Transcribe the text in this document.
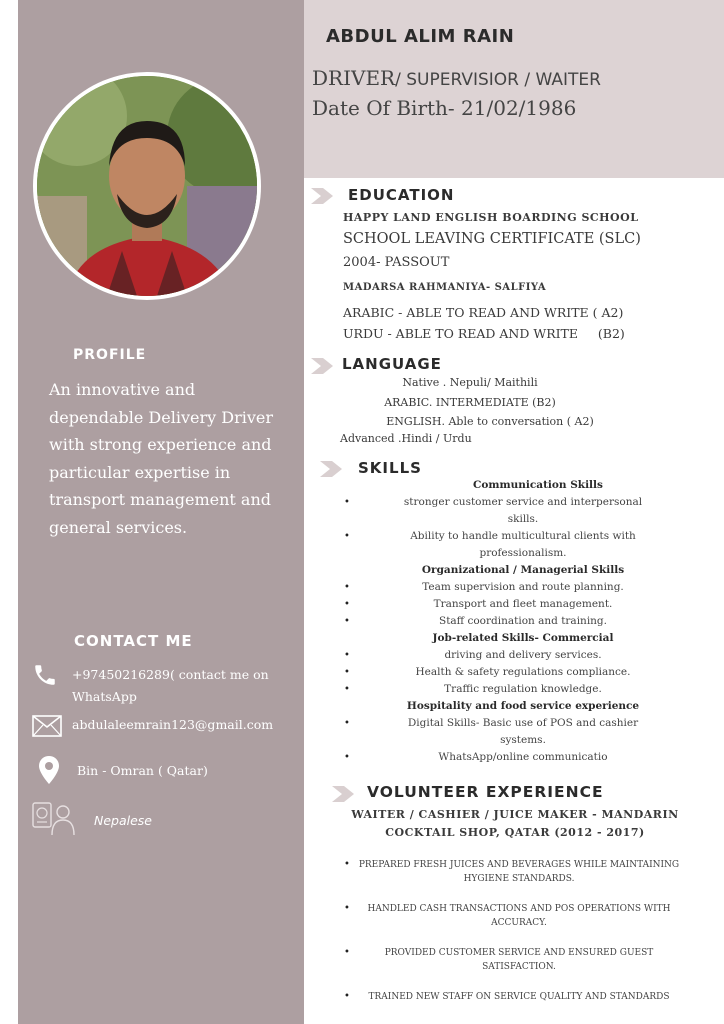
ABDUL ALIM RAIN
DRIVER/ SUPERVISIOR / WAITER
Date Of Birth- 21/02/1986
PROFILE
An innovative and dependable Delivery Driver with strong experience and particular expertise in transport management and general services.
CONTACT ME
+97450216289( contact me on
WhatsApp
abdulaleemrain123@gmail.com
Bin - Omran ( Qatar)
Nepalese
EDUCATION
HAPPY LAND ENGLISH BOARDING SCHOOL
SCHOOL LEAVING CERTIFICATE (SLC)
2004- PASSOUT
MADARSA RAHMANIYA- SALFIYA
ARABIC - ABLE TO READ AND WRITE ( A2)
URDU - ABLE TO READ AND WRITE     (B2)
LANGUAGE
Native . Nepuli/ Maithili
ARABIC. INTERMEDIATE (B2)
ENGLISH. Able to conversation ( A2)
Advanced .Hindi / Urdu
SKILLS
Communication Skills
• stronger customer service and interpersonal
skills.
• Ability to handle multicultural clients with
professionalism.
Organizational / Managerial Skills
• Team supervision and route planning.
• Transport and fleet management.
• Staff coordination and training.
Job-related Skills- Commercial
• driving and delivery services.
• Health & safety regulations compliance.
• Traffic regulation knowledge.
Hospitality and food service experience
• Digital Skills- Basic use of POS and cashier
systems.
• WhatsApp/online communicatio
VOLUNTEER EXPERIENCE
WAITER / CASHIER / JUICE MAKER - MANDARIN
COCKTAIL SHOP, QATAR (2012 - 2017)
• PREPARED FRESH JUICES AND BEVERAGES WHILE MAINTAINING
HYGIENE STANDARDS.
• HANDLED CASH TRANSACTIONS AND POS OPERATIONS WITH
ACCURACY.
• PROVIDED CUSTOMER SERVICE AND ENSURED GUEST
SATISFACTION.
• TRAINED NEW STAFF ON SERVICE QUALITY AND STANDARDS
